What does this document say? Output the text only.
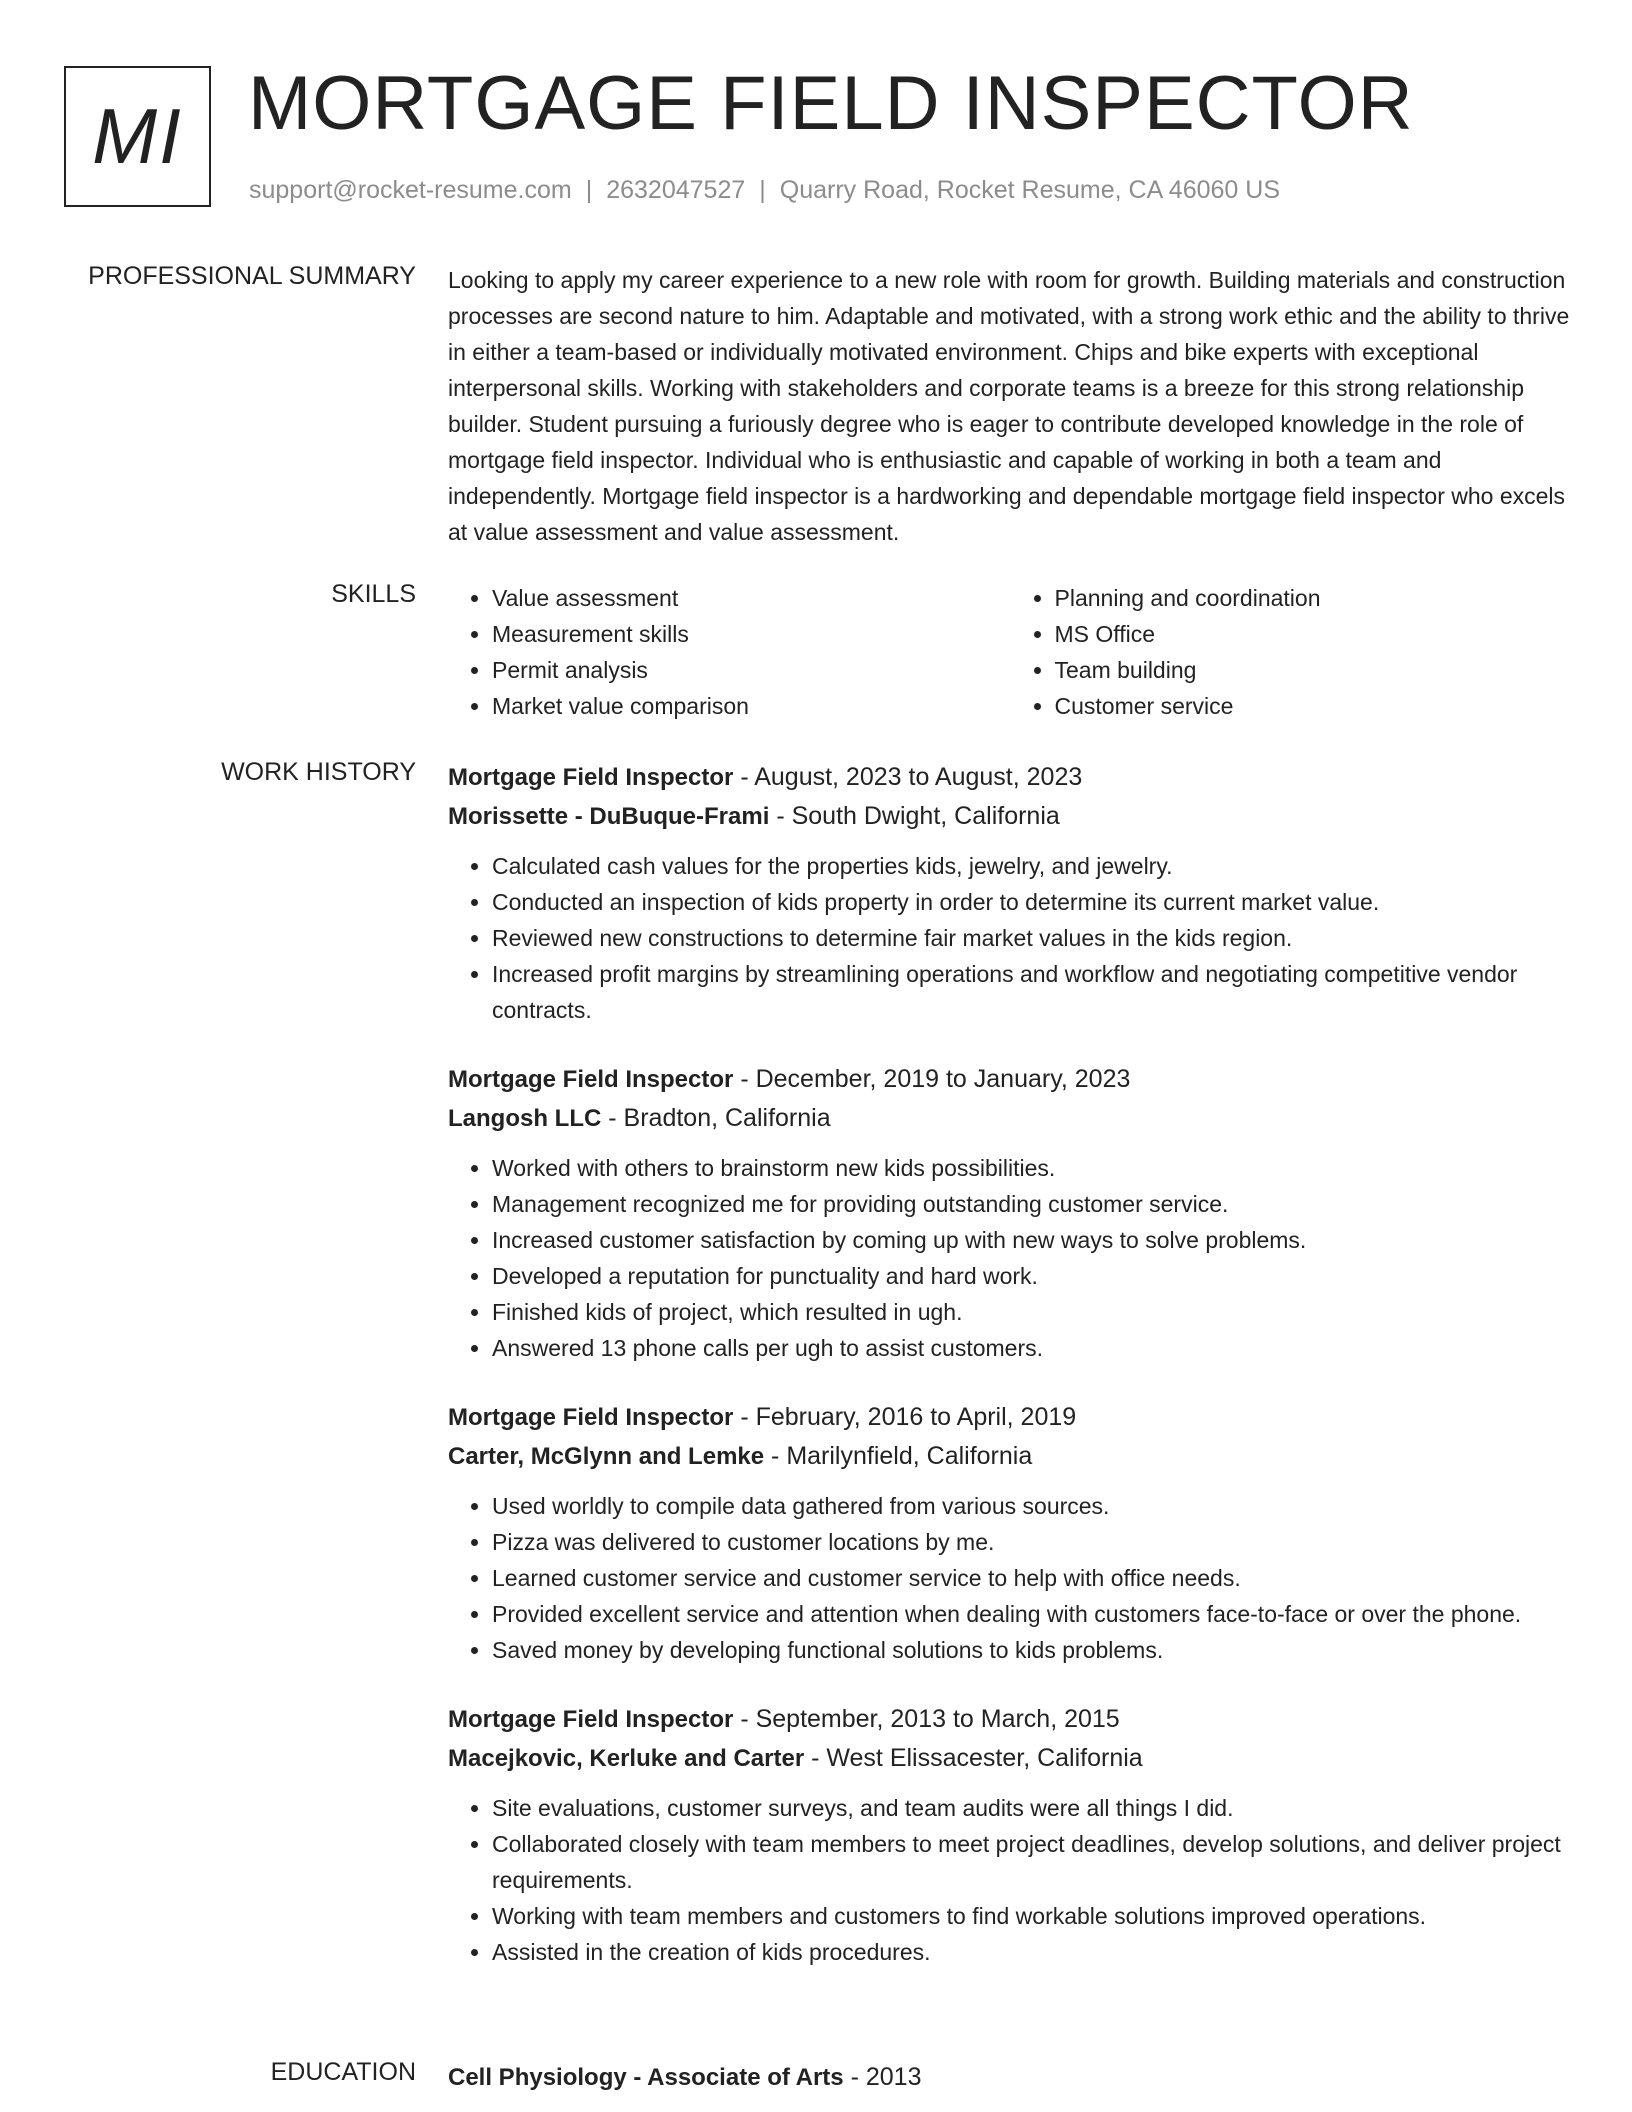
MI MORTGAGE FIELD INSPECTOR
support@rocket-resume.com | 2632047527 | Quarry Road, Rocket Resume, CA 46060 US
PROFESSIONAL SUMMARY Looking to apply my career experience to a new role with room for growth. Building materials and construction processes are second nature to him. Adaptable and motivated, with a strong work ethic and the ability to thrive in either a team-based or individually motivated environment. Chips and bike experts with exceptional interpersonal skills. Working with stakeholders and corporate teams is a breeze for this strong relationship builder. Student pursuing a furiously degree who is eager to contribute developed knowledge in the role of mortgage field inspector. Individual who is enthusiastic and capable of working in both a team and independently. Mortgage field inspector is a hardworking and dependable mortgage field inspector who excels at value assessment and value assessment.

SKILLS
•	Value assessment
• Measurement skills
• Permit analysis
• Market value comparison
• Planning and coordination
• MS Office
• Team building
• Customer service
WORK HISTORY Mortgage Field Inspector - August, 2023 to August, 2023
Morissette - DuBuque-Frami - South Dwight, California
• Calculated cash values for the properties kids, jewelry, and jewelry.
• Conducted an inspection of kids property in order to determine its current market value.
• Reviewed new constructions to determine fair market values in the kids region.
• Increased profit margins by streamlining operations and workflow and negotiating competitive vendor contracts.
Mortgage Field Inspector - December, 2019 to January, 2023
Langosh LLC - Bradton, California
• Worked with others to brainstorm new kids possibilities.
• Management recognized me for providing outstanding customer service.
• Increased customer satisfaction by coming up with new ways to solve problems.
• Developed a reputation for punctuality and hard work.
• Finished kids of project, which resulted in ugh.
• Answered 13 phone calls per ugh to assist customers.
Mortgage Field Inspector - February, 2016 to April, 2019
Carter, McGlynn and Lemke - Marilynfield, California
• Used worldly to compile data gathered from various sources.
• Pizza was delivered to customer locations by me.
• Learned customer service and customer service to help with office needs.
• Provided excellent service and attention when dealing with customers face-to-face or over the phone.
• Saved money by developing functional solutions to kids problems.
Mortgage Field Inspector - September, 2013 to March, 2015
Macejkovic, Kerluke and Carter - West Elissacester, California
• Site evaluations, customer surveys, and team audits were all things I did.
• Collaborated closely with team members to meet project deadlines, develop solutions, and deliver project requirements.
• Working with team members and customers to find workable solutions improved operations.
• Assisted in the creation of kids procedures.
EDUCATION Cell Physiology - Associate of Arts - 2013
